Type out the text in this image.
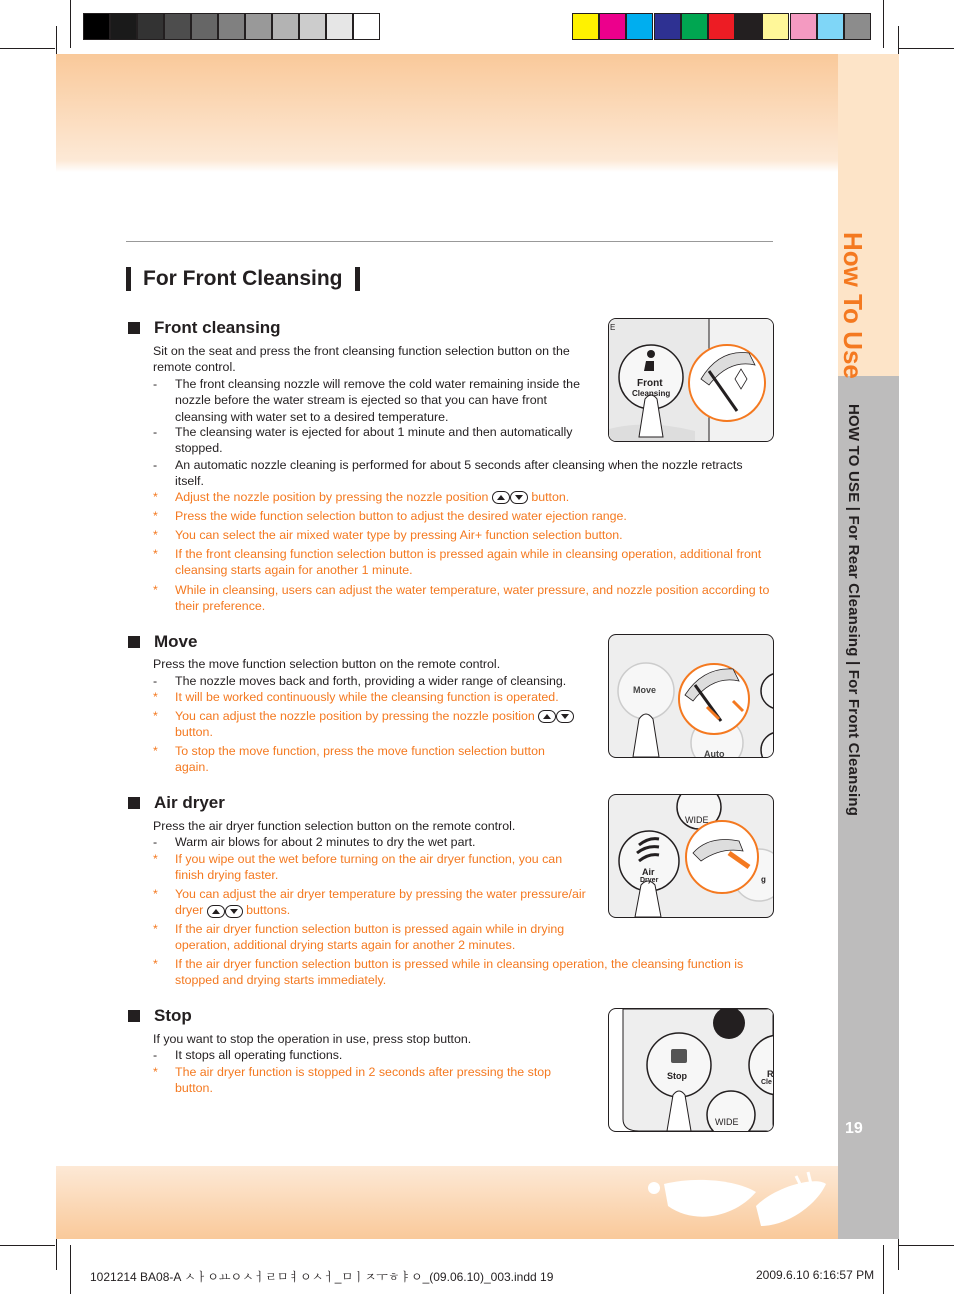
How To Use
HOW TO USE | For Rear Cleansing | For Front Cleansing
19
For Front Cleansing
Front cleansing
Sit on the seat and press the front cleansing function selection button on the remote control.
- The front cleansing nozzle will remove the cold water remaining inside the nozzle before the water stream is ejected so that you can have front cleansing with water set to a desired temperature.
- The cleansing water is ejected for about 1 minute and then automatically stopped.
- An automatic nozzle cleaning is performed for about 5 seconds after cleansing when the nozzle retracts itself.
* Adjust the nozzle position by pressing the nozzle position	button.
* Press the wide function selection button to adjust the desired water ejection range.
* You can select the air mixed water type by pressing Air+ function selection button.
* If the front cleansing function selection button is pressed again while in cleansing operation, additional front cleansing starts again for another 1 minute.
* While in cleansing, users can adjust the water temperature, water pressure, and nozzle position according to their preference.
Front
Cleansing
E
Move
Press the move function selection button on the remote control.
- The nozzle moves back and forth, providing a wider range of cleansing.
* It will be worked continuously while the cleansing function is operated.
* You can adjust the nozzle position by pressing the nozzle position  button.
* To stop the move function, press the move function selection button again.
Move
Auto
Air dryer
Press the air dryer function selection button on the remote control.
- Warm air blows for about 2 minutes to dry the wet part.
* If you wipe out the wet before turning on the air dryer function, you can finish drying faster.
* You can adjust the air dryer temperature by pressing the water pressure/air dryer	buttons.
* If the air dryer function selection button is pressed again while in drying operation, additional drying starts again for another 2 minutes.
* If the air dryer function selection button is pressed while in cleansing operation, the cleansing function is stopped and drying starts immediately.
WIDE
Air
Dryer	g
Stop
If you want to stop the operation in use, press stop button.
- It stops all operating functions.
* The air dryer function is stopped in 2 seconds after pressing the stop button.
Stop
WIDE
R
Cle
1021214 BA08-A ㅅㅏㅇㅛㅇㅅㅓㄹㅁㅕㅇㅅㅓ_ㅁㅣㅈㅜㅎㅑㅇ_(09.06.10)_003.indd 19	2009.6.10 6:16:57 PM
